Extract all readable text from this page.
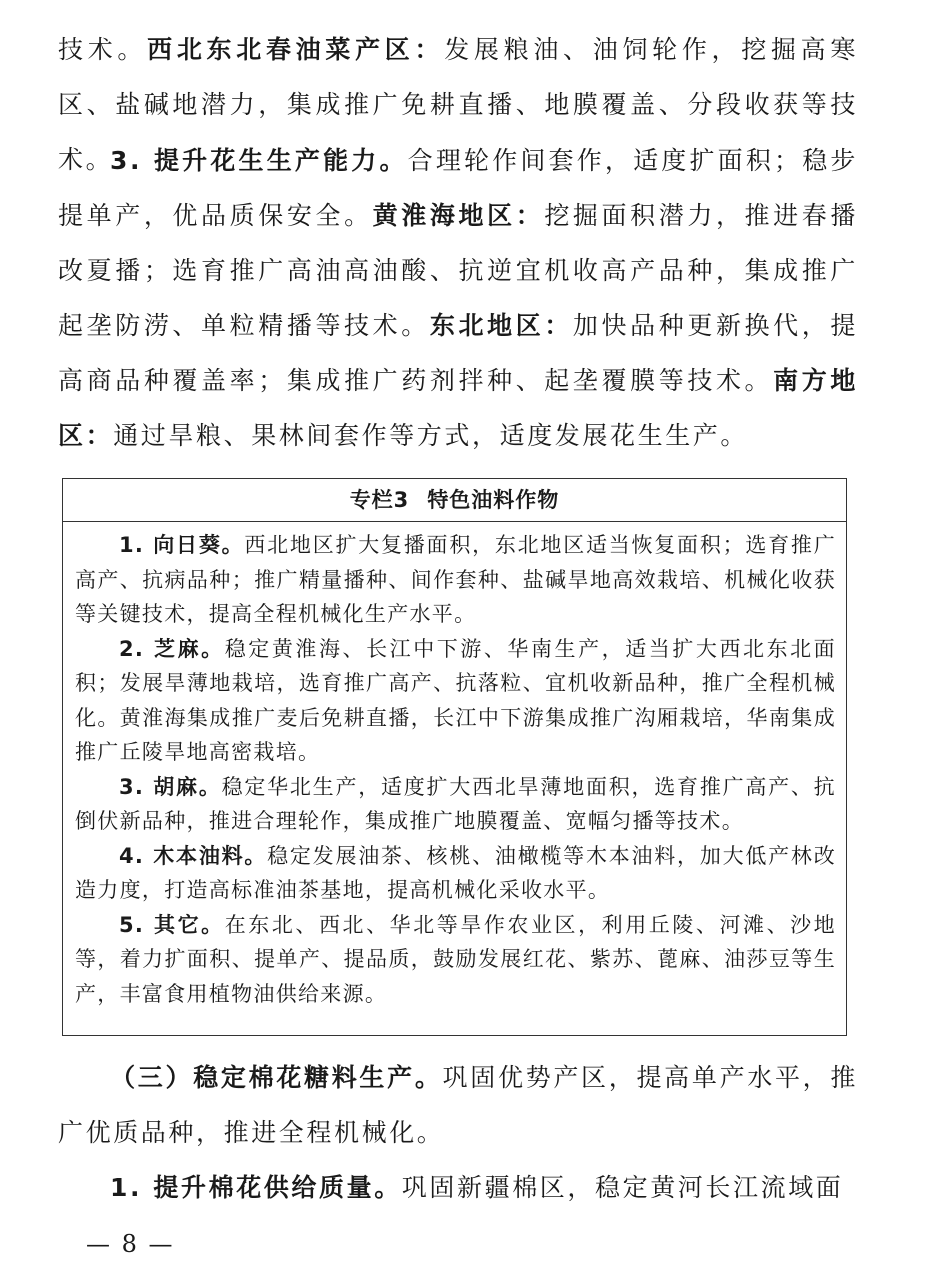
技术。西北东北春油菜产区：发展粮油、油饲轮作，挖掘高寒区、盐碱地潜力，集成推广免耕直播、地膜覆盖、分段收获等技术。

3. 提升花生生产能力。合理轮作间套作，适度扩面积；稳步提单产，优品质保安全。黄淮海地区：挖掘面积潜力，推进春播改夏播；选育推广高油高油酸、抗逆宜机收高产品种，集成推广起垄防涝、单粒精播等技术。东北地区：加快品种更新换代，提高商品种覆盖率；集成推广药剂拌种、起垄覆膜等技术。南方地区：通过旱粮、果林间套作等方式，适度发展花生生产。

专栏3 特色油料作物

1. 向日葵。西北地区扩大复播面积，东北地区适当恢复面积；选育推广高产、抗病品种；推广精量播种、间作套种、盐碱旱地高效栽培、机械化收获等关键技术，提高全程机械化生产水平。

2. 芝麻。稳定黄淮海、长江中下游、华南生产，适当扩大西北东北面积；发展旱薄地栽培，选育推广高产、抗落粒、宜机收新品种，推广全程机械化。黄淮海集成推广麦后免耕直播，长江中下游集成推广沟厢栽培，华南集成推广丘陵旱地高密栽培。

3. 胡麻。稳定华北生产，适度扩大西北旱薄地面积，选育推广高产、抗倒伏新品种，推进合理轮作，集成推广地膜覆盖、宽幅匀播等技术。

4. 木本油料。稳定发展油茶、核桃、油橄榄等木本油料，加大低产林改造力度，打造高标准油茶基地，提高机械化采收水平。

5. 其它。在东北、西北、华北等旱作农业区，利用丘陵、河滩、沙地等，着力扩面积、提单产、提品质，鼓励发展红花、紫苏、蓖麻、油莎豆等生产，丰富食用植物油供给来源。

（三）稳定棉花糖料生产。巩固优势产区，提高单产水平，推广优质品种，推进全程机械化。

1. 提升棉花供给质量。巩固新疆棉区，稳定黄河长江流域面

— 8 —
